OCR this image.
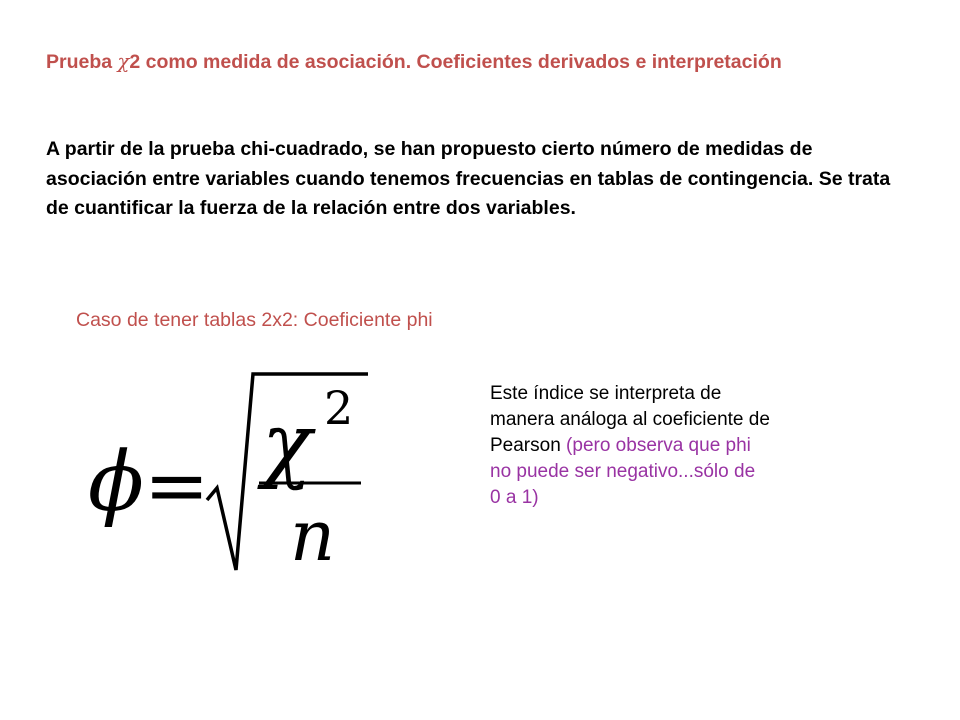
Prueba χ2 como medida de asociación. Coeficientes derivados e interpretación

A partir de la prueba chi-cuadrado, se han propuesto cierto número de medidas de asociación entre variables cuando tenemos frecuencias en tablas de contingencia. Se trata de cuantificar la fuerza de la relación entre dos variables.

Caso de tener tablas 2x2: Coeficiente phi

ϕ = χ 2
n

Este índice se interpreta de manera análoga al coeficiente de Pearson (pero observa que phi no puede ser negativo...sólo de 0 a 1)
